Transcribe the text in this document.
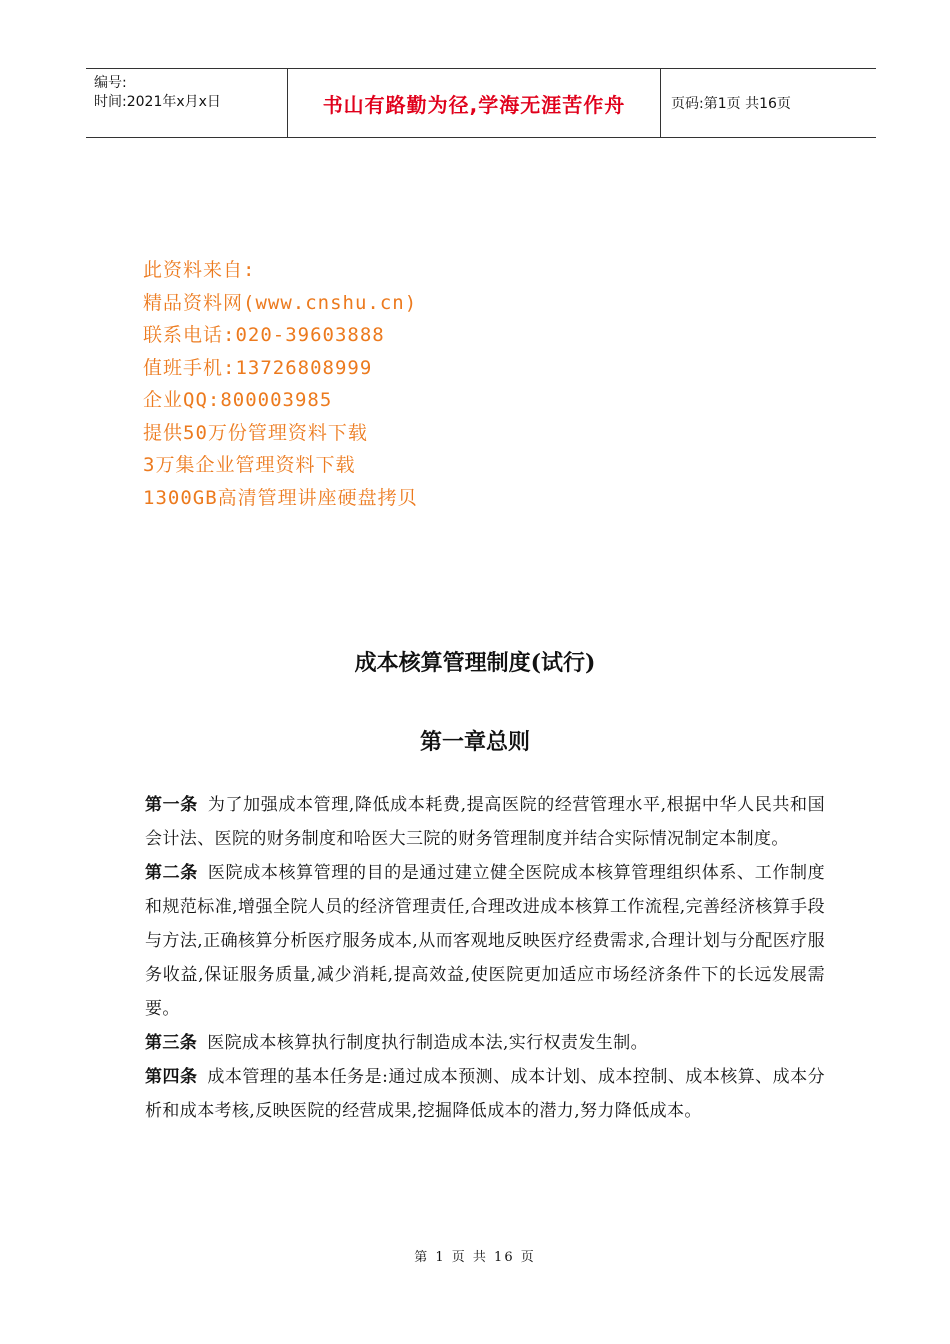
编号:
时间:2021年x月x日	书山有路勤为径,学海无涯苦作舟	页码:第1页 共16页
此资料来自:
精品资料网(www.cnshu.cn)
联系电话:020-39603888
值班手机:13726808999
企业QQ:800003985
提供50万份管理资料下载
3万集企业管理资料下载
1300GB高清管理讲座硬盘拷贝
成本核算管理制度(试行)
第一章总则

第一条 为了加强成本管理,降低成本耗费,提高医院的经营管理水平,根据中华人民共和国会计法、医院的财务制度和哈医大三院的财务管理制度并结合实际情况制定本制度。

第二条 医院成本核算管理的目的是通过建立健全医院成本核算管理组织体系、工作制度和规范标准,增强全院人员的经济管理责任,合理改进成本核算工作流程,完善经济核算手段与方法,正确核算分析医疗服务成本,从而客观地反映医疗经费需求,合理计划与分配医疗服务收益,保证服务质量,减少消耗,提高效益,使医院更加适应市场经济条件下的长远发展需要。

第三条 医院成本核算执行制度执行制造成本法,实行权责发生制。

第四条 成本管理的基本任务是:通过成本预测、成本计划、成本控制、成本核算、成本分析和成本考核,反映医院的经营成果,挖掘降低成本的潜力,努力降低成本。

第 1 页 共 16 页
